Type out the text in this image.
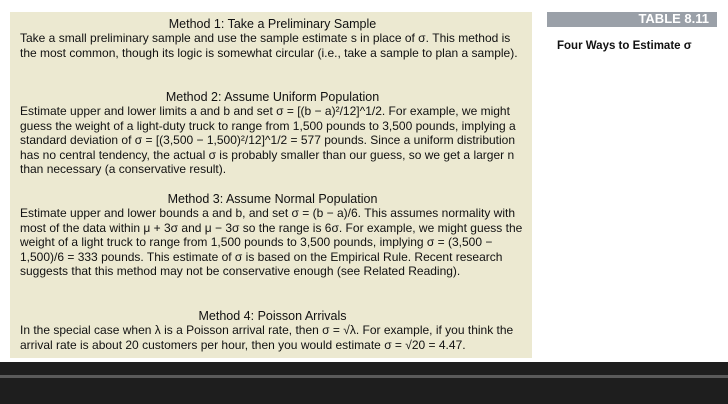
Method 1: Take a Preliminary Sample
Take a small preliminary sample and use the sample estimate s in place of σ. This method is the most common, though its logic is somewhat circular (i.e., take a sample to plan a sample).
Method 2: Assume Uniform Population
Estimate upper and lower limits a and b and set σ = [(b − a)²/12]^1/2. For example, we might guess the weight of a light-duty truck to range from 1,500 pounds to 3,500 pounds, implying a standard deviation of σ = [(3,500 − 1,500)²/12]^1/2 = 577 pounds. Since a uniform distribution has no central tendency, the actual σ is probably smaller than our guess, so we get a larger n than necessary (a conservative result).
Method 3: Assume Normal Population
Estimate upper and lower bounds a and b, and set σ = (b − a)/6. This assumes normality with most of the data within μ + 3σ and μ − 3σ so the range is 6σ. For example, we might guess the weight of a light truck to range from 1,500 pounds to 3,500 pounds, implying σ = (3,500 − 1,500)/6 = 333 pounds. This estimate of σ is based on the Empirical Rule. Recent research suggests that this method may not be conservative enough (see Related Reading).
Method 4: Poisson Arrivals
In the special case when λ is a Poisson arrival rate, then σ = √λ. For example, if you think the arrival rate is about 20 customers per hour, then you would estimate σ = √20 = 4.47.
TABLE 8.11
Four Ways to Estimate σ
